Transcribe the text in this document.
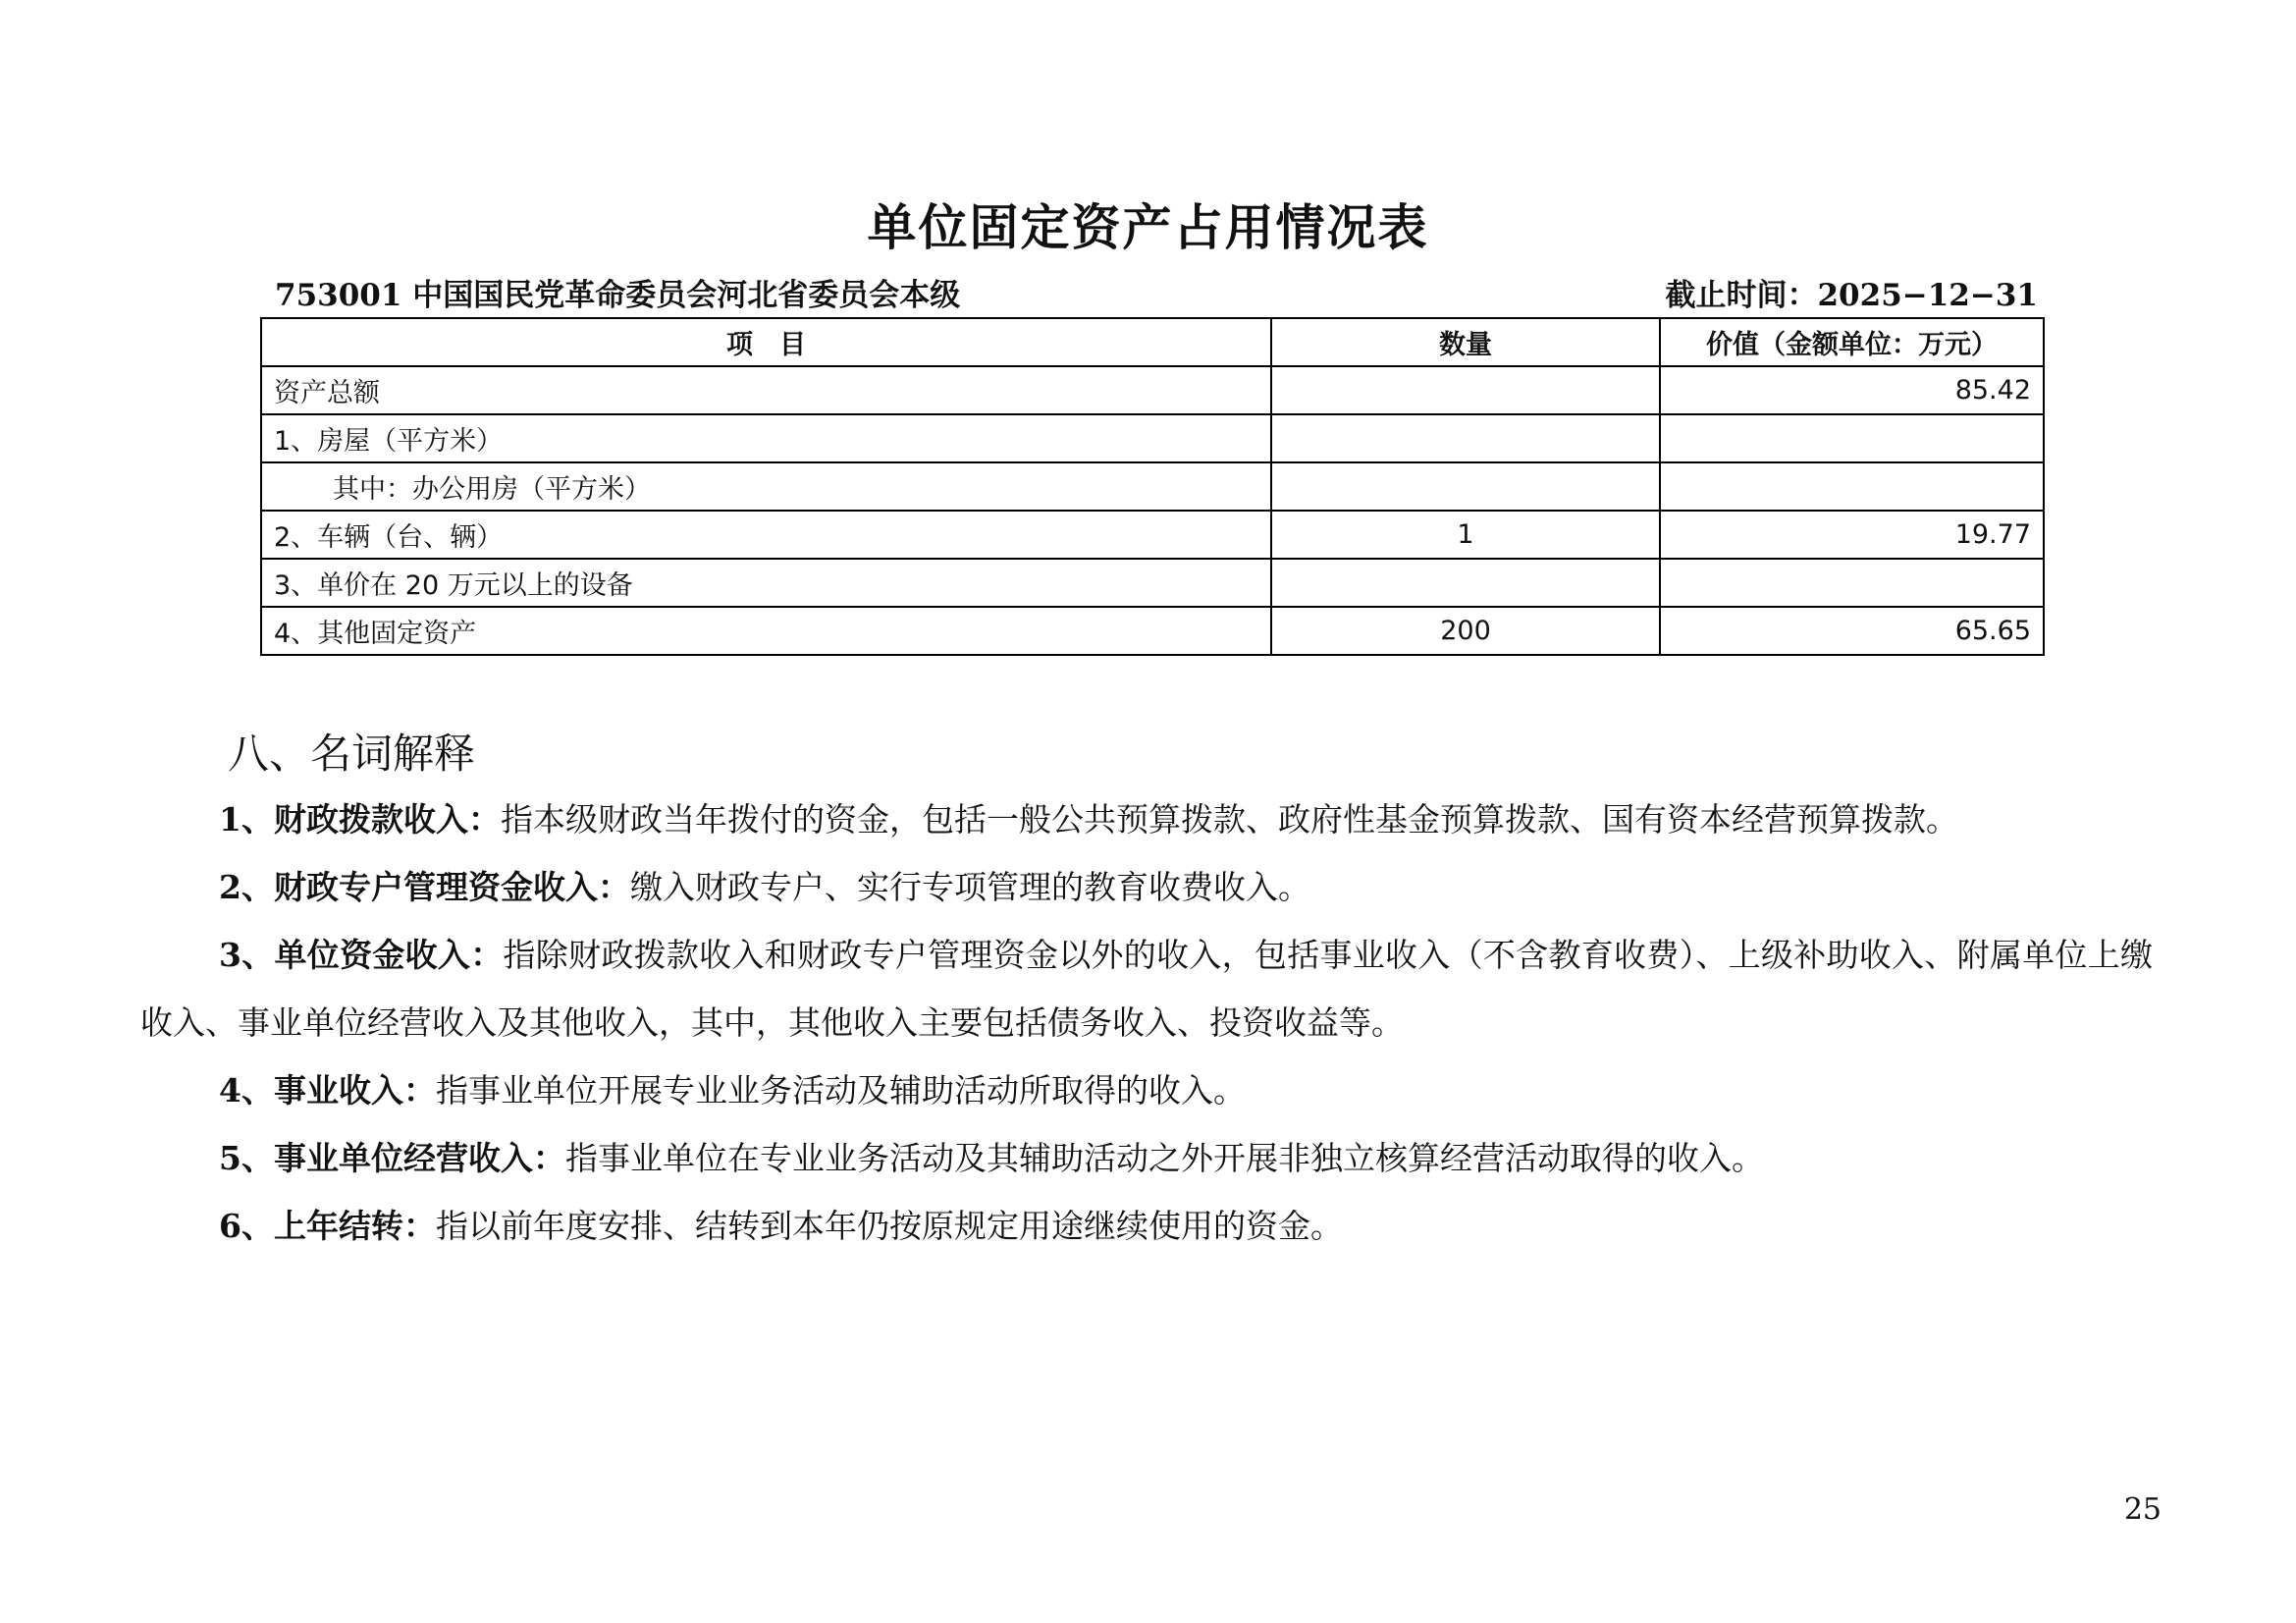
单位固定资产占用情况表
753001 中国国民党革命委员会河北省委员会本级	截止时间：2025−12−31
项　目	数量	价值（金额单位：万元）
资产总额		85.42
1、房屋（平方米）		
其中：办公用房（平方米）		
2、车辆（台、辆）	1	19.77
3、单价在 20 万元以上的设备		
4、其他固定资产	200	65.65
八、名词解释

1、财政拨款收入：指本级财政当年拨付的资金，包括一般公共预算拨款、政府性基金预算拨款、国有资本经营预算拨款。

2、财政专户管理资金收入：缴入财政专户、实行专项管理的教育收费收入。

3、单位资金收入：指除财政拨款收入和财政专户管理资金以外的收入，包括事业收入（不含教育收费）、上级补助收入、附属单位上缴收入、事业单位经营收入及其他收入，其中，其他收入主要包括债务收入、投资收益等。

4、事业收入：指事业单位开展专业业务活动及辅助活动所取得的收入。

5、事业单位经营收入：指事业单位在专业业务活动及其辅助活动之外开展非独立核算经营活动取得的收入。

6、上年结转：指以前年度安排、结转到本年仍按原规定用途继续使用的资金。

25
